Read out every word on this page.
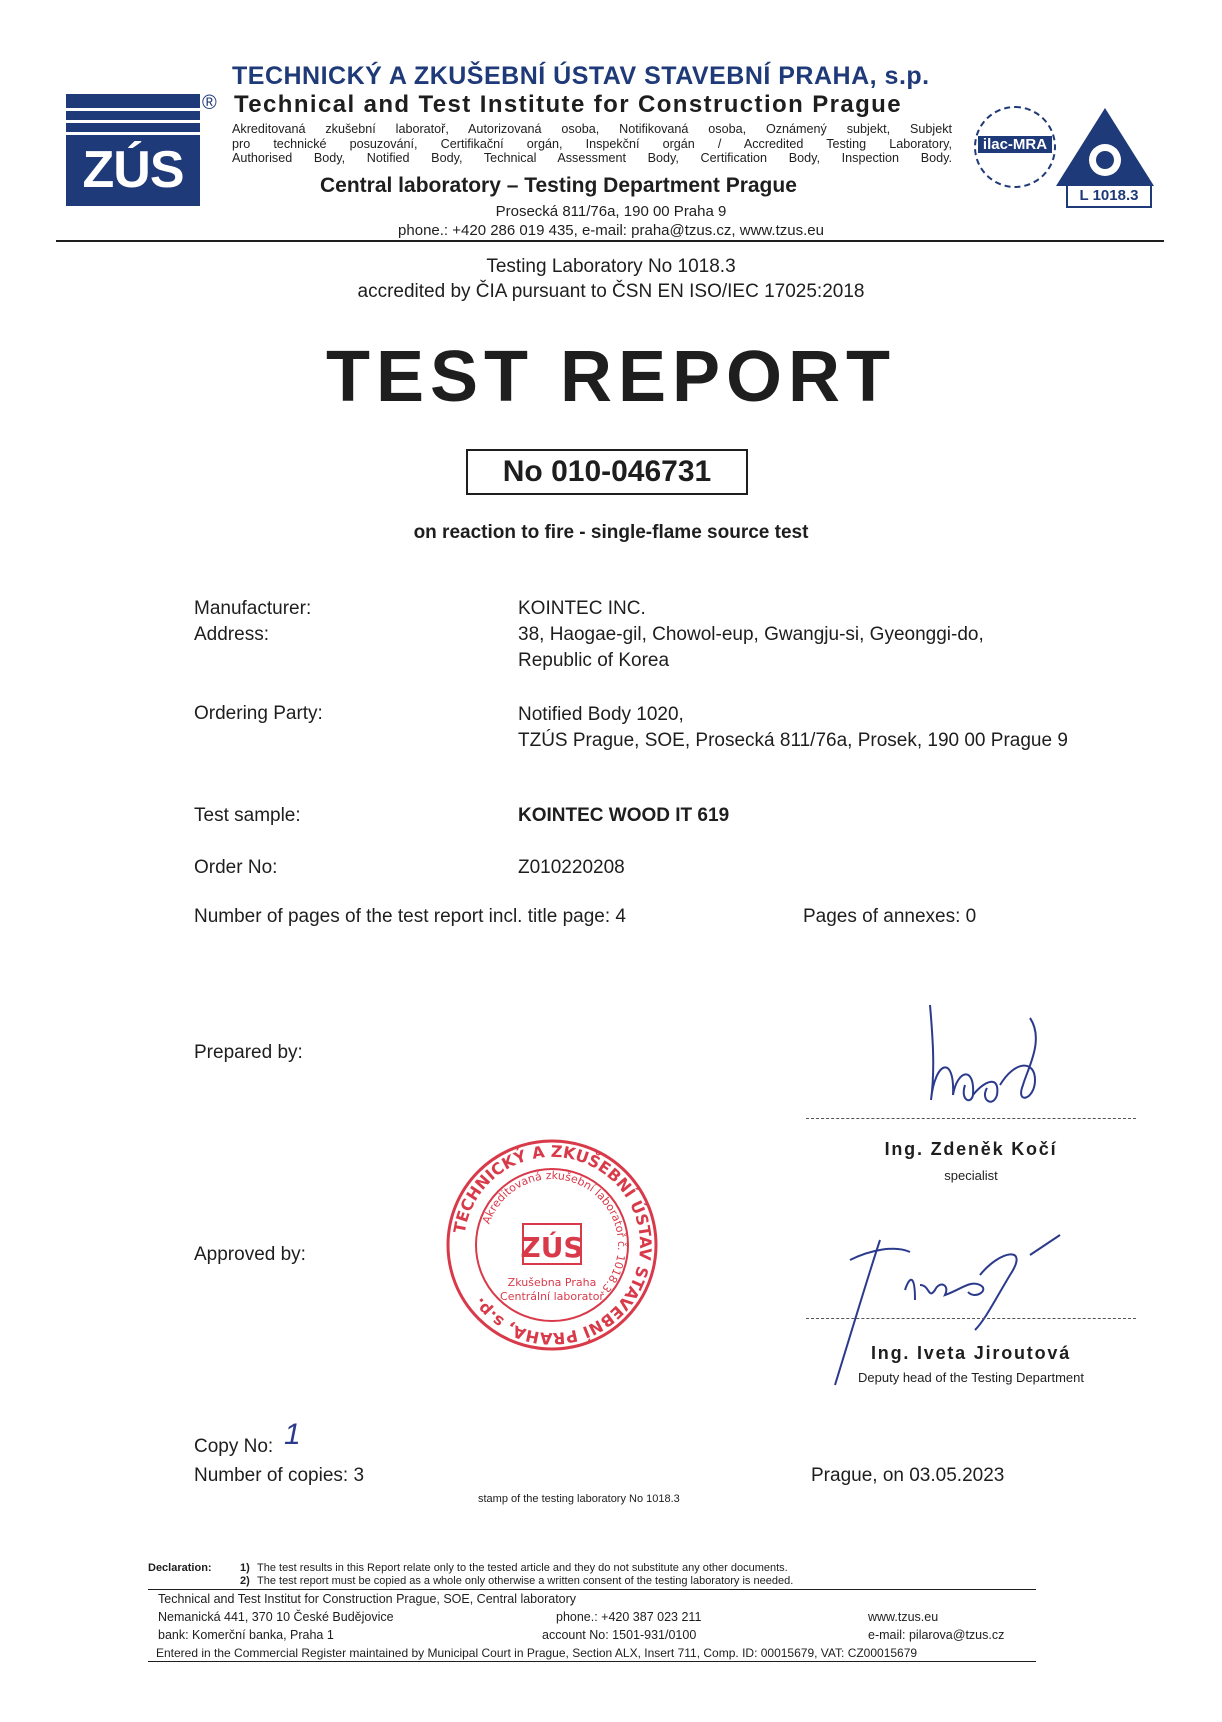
ZÚS
®
TECHNICKÝ A ZKUŠEBNÍ ÚSTAV STAVEBNÍ PRAHA, s.p.
Technical and Test Institute for Construction Prague
Akreditovaná zkušební laboratoř, Autorizovaná osoba, Notifikovaná osoba, Oznámený subjekt, Subjekt
pro technické posuzování, Certifikační orgán, Inspekční orgán / Accredited Testing Laboratory,
Authorised Body, Notified Body, Technical Assessment Body, Certification Body, Inspection Body.
Central laboratory – Testing Department Prague
Prosecká 811/76a, 190 00 Praha 9
phone.: +420 286 019 435, e-mail: praha@tzus.cz, www.tzus.eu
ilac-MRA
L 1018.3
Testing Laboratory No 1018.3
accredited by ČIA pursuant to ČSN EN ISO/IEC 17025:2018
TEST REPORT
No 010-046731
on reaction to fire - single-flame source test
Manufacturer:	KOINTEC INC.
Address:	38, Haogae-gil, Chowol-eup, Gwangju-si, Gyeonggi-do,
Republic of Korea
Ordering Party:	Notified Body 1020,
TZÚS Prague, SOE, Prosecká 811/76a, Prosek, 190 00 Prague 9
Test sample:	KOINTEC WOOD IT 619
Order No:	Z010220208
Number of pages of the test report incl. title page: 4	Pages of annexes: 0
Prepared by:
Ing. Zdeněk Kočí
specialist
Approved by:
Ing. Iveta Jiroutová
Deputy head of the Testing Department
TECHNICKÝ A ZKUŠEBNÍ ÚSTAV STAVEBNÍ PRAHA, s.p.
Akreditovaná zkušební laboratoř č. 1018.3
ZÚS
Zkušebna Praha
Centrální laboratoř
Copy No: 1
Number of copies: 3	Prague, on 03.05.2023
stamp of the testing laboratory No 1018.3
Declaration:	1) The test results in this Report relate only to the tested article and they do not substitute any other documents.
2) The test report must be copied as a whole only otherwise a written consent of the testing laboratory is needed.
Technical and Test Institut for Construction Prague, SOE, Central laboratory
Nemanická 441, 370 10 České Budějovice	phone.: +420 387 023 211	www.tzus.eu
bank: Komerční banka, Praha 1	account No: 1501-931/0100	e-mail: pilarova@tzus.cz
Entered in the Commercial Register maintained by Municipal Court in Prague, Section ALX, Insert 711, Comp. ID: 00015679, VAT: CZ00015679
